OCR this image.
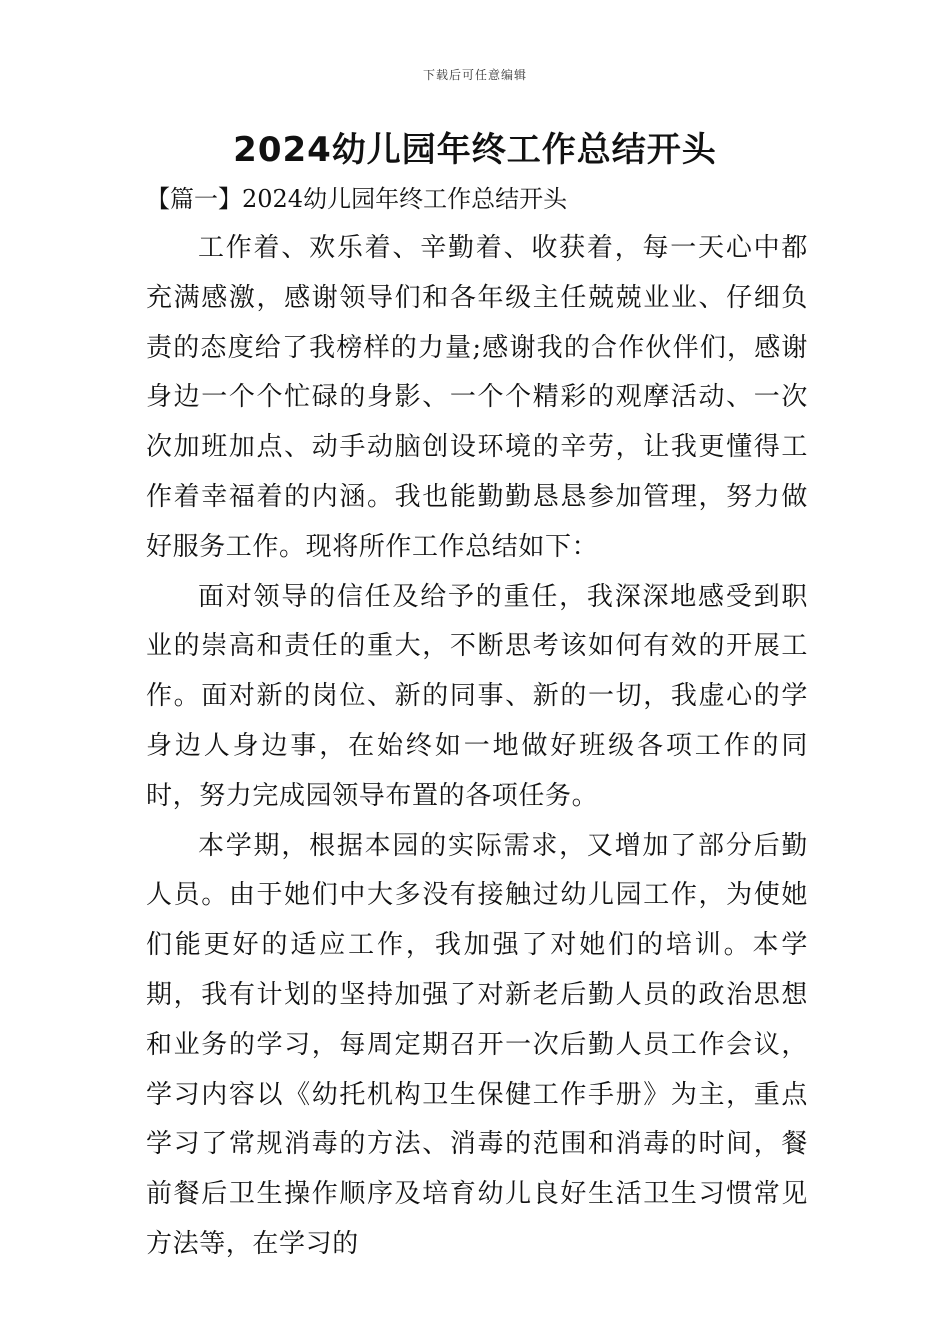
下载后可任意编辑
2024幼儿园年终工作总结开头
【篇一】2024幼儿园年终工作总结开头

工作着、欢乐着、辛勤着、收获着，每一天心中都充满感激，感谢领导们和各年级主任兢兢业业、仔细负责的态度给了我榜样的力量;感谢我的合作伙伴们，感谢身边一个个忙碌的身影、一个个精彩的观摩活动、一次次加班加点、动手动脑创设环境的辛劳，让我更懂得工作着幸福着的内涵。我也能勤勤恳恳参加管理，努力做好服务工作。现将所作工作总结如下：

面对领导的信任及给予的重任，我深深地感受到职业的崇高和责任的重大，不断思考该如何有效的开展工作。面对新的岗位、新的同事、新的一切，我虚心的学身边人身边事，在始终如一地做好班级各项工作的同时，努力完成园领导布置的各项任务。

本学期，根据本园的实际需求，又增加了部分后勤人员。由于她们中大多没有接触过幼儿园工作，为使她们能更好的适应工作，我加强了对她们的培训。本学期，我有计划的坚持加强了对新老后勤人员的政治思想和业务的学习，每周定期召开一次后勤人员工作会议，学习内容以《幼托机构卫生保健工作手册》为主，重点学习了常规消毒的方法、消毒的范围和消毒的时间，餐前餐后卫生操作顺序及培育幼儿良好生活卫生习惯常见方法等，在学习的
